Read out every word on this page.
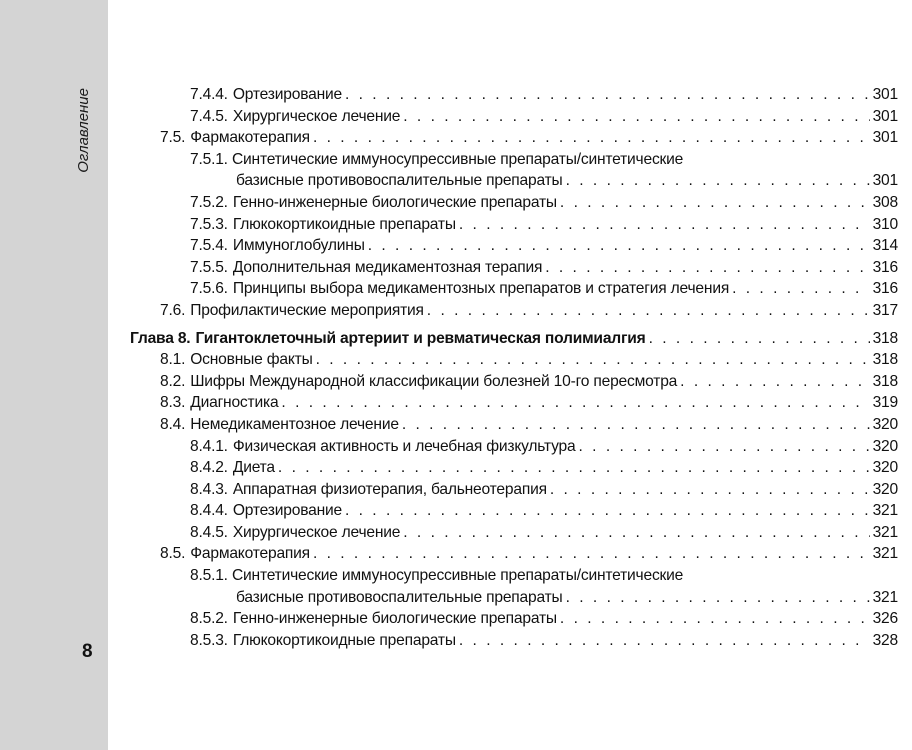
Оглавление
8
7.4.4. Ортезирование . . .	301
7.4.5. Хирургическое лечение . . .	301
7.5. Фармакотерапия . . .	301
7.5.1. Синтетические иммуносупрессивные препараты/синтетические
базисные противовоспалительные препараты . . .	301
7.5.2. Генно-инженерные биологические препараты . . .	308
7.5.3. Глюкокортикоидные препараты . . .	310
7.5.4. Иммуноглобулины . . .	314
7.5.5. Дополнительная медикаментозная терапия . . .	316
7.5.6. Принципы выбора медикаментозных препаратов и стратегия лечения . . .	316
7.6. Профилактические мероприятия . . .	317
Глава 8. Гигантоклеточный артериит и ревматическая полимиалгия . . .	318
8.1. Основные факты . . .	318
8.2. Шифры Международной классификации болезней 10-го пересмотра . . .	318
8.3. Диагностика . . .	319
8.4. Немедикаментозное лечение . . .	320
8.4.1. Физическая активность и лечебная физкультура . . .	320
8.4.2. Диета . . .	320
8.4.3. Аппаратная физиотерапия, бальнеотерапия . . .	320
8.4.4. Ортезирование . . .	321
8.4.5. Хирургическое лечение . . .	321
8.5. Фармакотерапия . . .	321
8.5.1. Синтетические иммуносупрессивные препараты/синтетические
базисные противовоспалительные препараты . . .	321
8.5.2. Генно-инженерные биологические препараты . . .	326
8.5.3. Глюкокортикоидные препараты . . .	328
